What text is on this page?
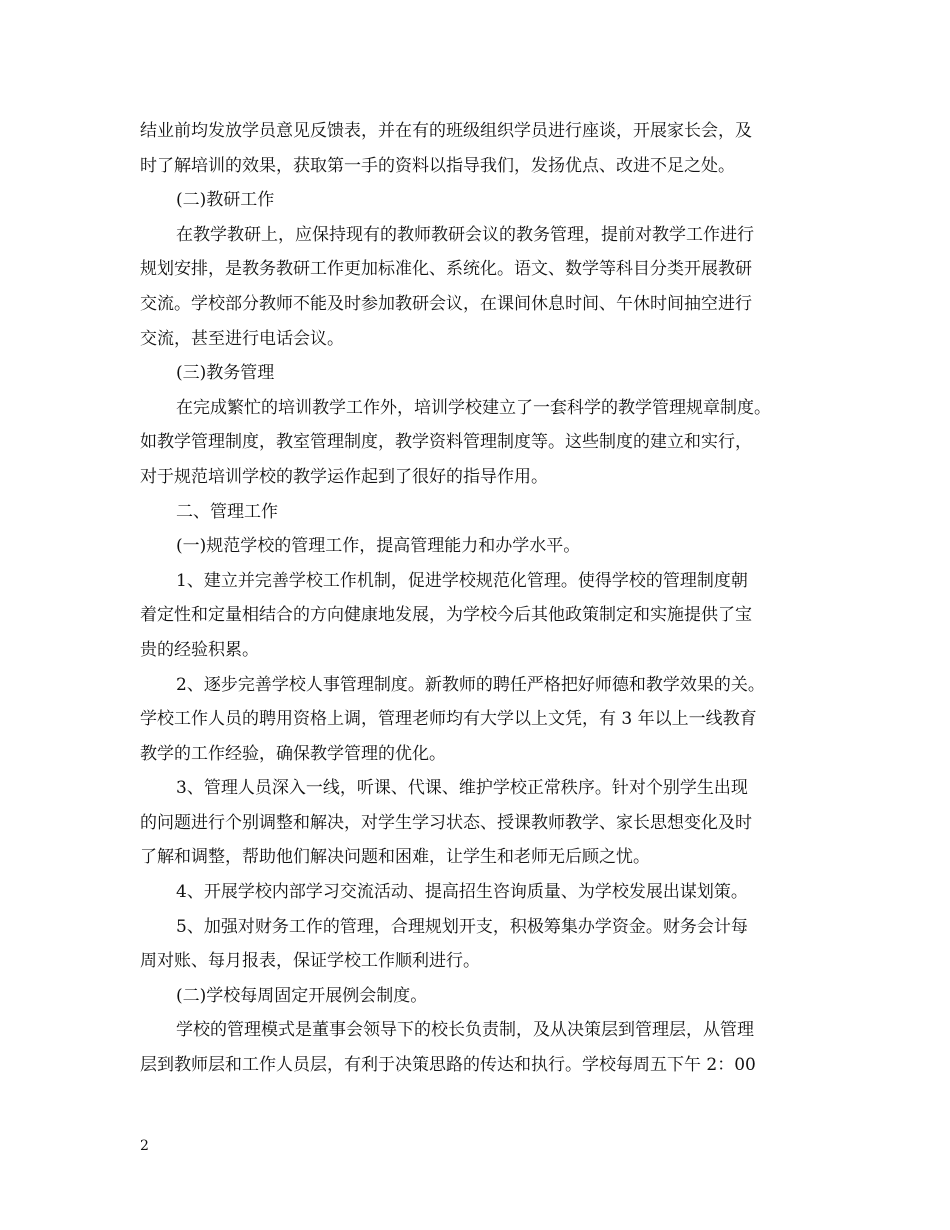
结业前均发放学员意见反馈表，并在有的班级组织学员进行座谈，开展家长会，及
时了解培训的效果，获取第一手的资料以指导我们，发扬优点、改进不足之处。
(二)教研工作
在教学教研上，应保持现有的教师教研会议的教务管理，提前对教学工作进行
规划安排，是教务教研工作更加标准化、系统化。语文、数学等科目分类开展教研
交流。学校部分教师不能及时参加教研会议，在课间休息时间、午休时间抽空进行
交流，甚至进行电话会议。
(三)教务管理
在完成繁忙的培训教学工作外，培训学校建立了一套科学的教学管理规章制度。
如教学管理制度，教室管理制度，教学资料管理制度等。这些制度的建立和实行，
对于规范培训学校的教学运作起到了很好的指导作用。
二、管理工作
(一)规范学校的管理工作，提高管理能力和办学水平。
1、建立并完善学校工作机制，促进学校规范化管理。使得学校的管理制度朝
着定性和定量相结合的方向健康地发展，为学校今后其他政策制定和实施提供了宝
贵的经验积累。
2、逐步完善学校人事管理制度。新教师的聘任严格把好师德和教学效果的关。
学校工作人员的聘用资格上调，管理老师均有大学以上文凭，有 3 年以上一线教育
教学的工作经验，确保教学管理的优化。
3、管理人员深入一线，听课、代课、维护学校正常秩序。针对个别学生出现
的问题进行个别调整和解决，对学生学习状态、授课教师教学、家长思想变化及时
了解和调整，帮助他们解决问题和困难，让学生和老师无后顾之忧。
4、开展学校内部学习交流活动、提高招生咨询质量、为学校发展出谋划策。
5、加强对财务工作的管理，合理规划开支，积极筹集办学资金。财务会计每
周对账、每月报表，保证学校工作顺利进行。
(二)学校每周固定开展例会制度。
学校的管理模式是董事会领导下的校长负责制，及从决策层到管理层，从管理
层到教师层和工作人员层，有利于决策思路的传达和执行。学校每周五下午 2：00
2
